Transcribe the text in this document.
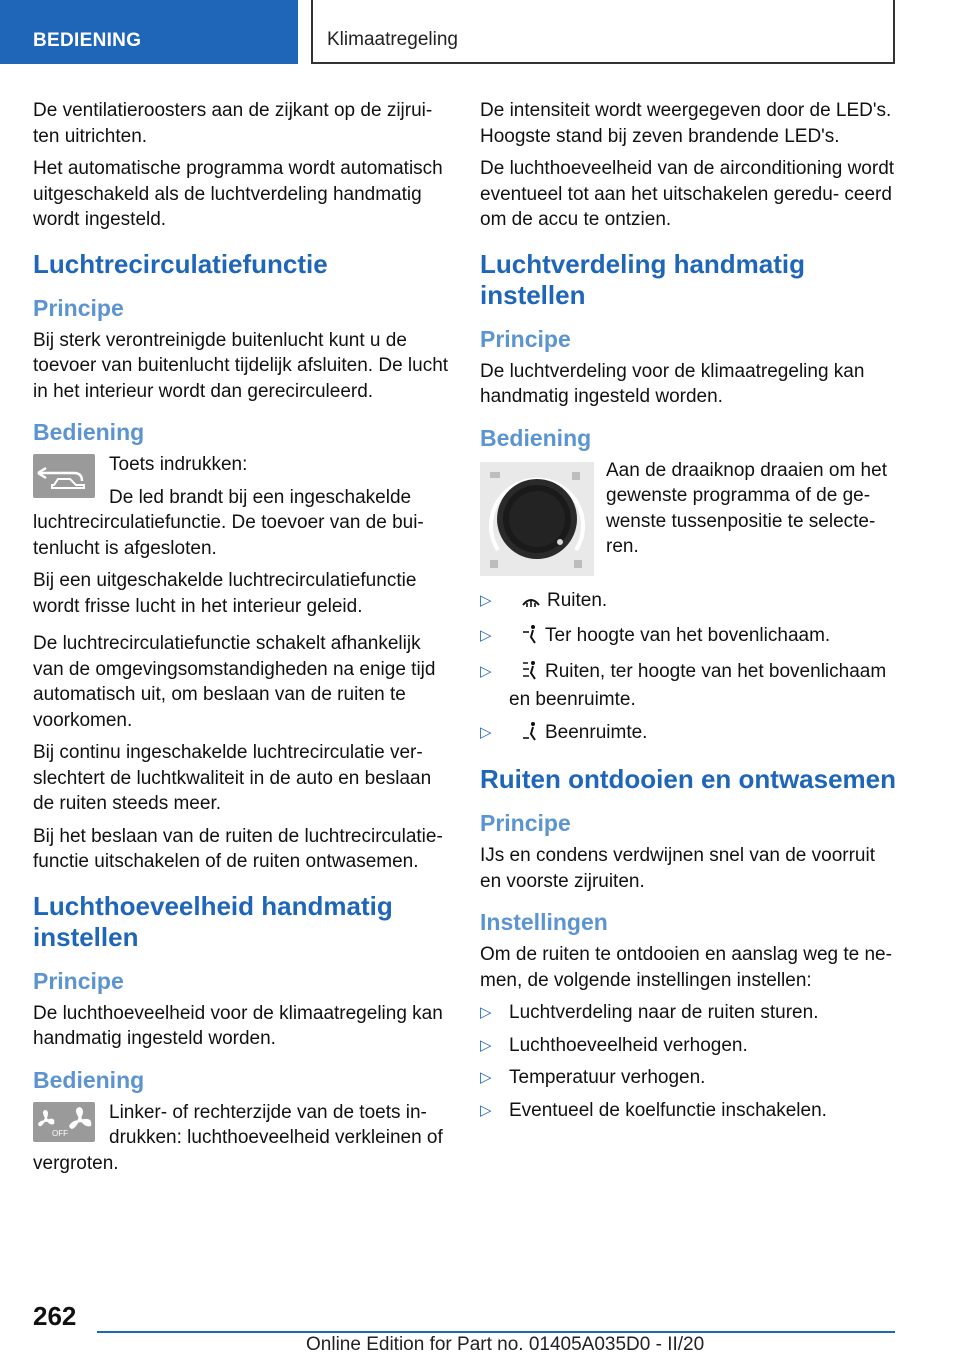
BEDIENING	Klimaatregeling

De ventilatieroosters aan de zijkant op de zijrui- ten uitrichten.

Het automatische programma wordt automatisch uitgeschakeld als de luchtverdeling handmatig wordt ingesteld.

Luchtrecirculatiefunctie
Principe

Bij sterk verontreinigde buitenlucht kunt u de toevoer van buitenlucht tijdelijk afsluiten. De lucht in het interieur wordt dan gerecirculeerd.

Bediening

Toets indrukken:

De led brandt bij een ingeschakelde luchtrecirculatiefunctie. De toevoer van de bui- tenlucht is afgesloten.

Bij een uitgeschakelde luchtrecirculatiefunctie wordt frisse lucht in het interieur geleid.

De luchtrecirculatiefunctie schakelt afhankelijk van de omgevingsomstandigheden na enige tijd automatisch uit, om beslaan van de ruiten te voorkomen.

Bij continu ingeschakelde luchtrecirculatie ver- slechtert de luchtkwaliteit in de auto en beslaan de ruiten steeds meer.

Bij het beslaan van de ruiten de luchtrecirculatie- functie uitschakelen of de ruiten ontwasemen.

Luchthoeveelheid handmatig instellen
Principe

De luchthoeveelheid voor de klimaatregeling kan handmatig ingesteld worden.

Bediening
OFF

Linker- of rechterzijde van de toets in- drukken: luchthoeveelheid verkleinen of vergroten.

De intensiteit wordt weergegeven door de LED's. Hoogste stand bij zeven brandende LED's.

De luchthoeveelheid van de airconditioning wordt eventueel tot aan het uitschakelen geredu- ceerd om de accu te ontzien.

Luchtverdeling handmatig instellen
Principe

De luchtverdeling voor de klimaatregeling kan handmatig ingesteld worden.

Bediening

Aan de draaiknop draaien om het gewenste programma of de ge- wenste tussenpositie te selecte- ren.

▷	Ruiten.
▷	Ter hoogte van het bovenlichaam.
▷	Ruiten, ter hoogte van het bovenlichaam en beenruimte.
▷	Beenruimte.
Ruiten ontdooien en ontwasemen
Principe

IJs en condens verdwijnen snel van de voorruit en voorste zijruiten.

Instellingen

Om de ruiten te ontdooien en aanslag weg te ne- men, de volgende instellingen instellen:

▷ Luchtverdeling naar de ruiten sturen.
▷ Luchthoeveelheid verhogen.
▷ Temperatuur verhogen.
▷ Eventueel de koelfunctie inschakelen.
262
Online Edition for Part no. 01405A035D0 - II/20
